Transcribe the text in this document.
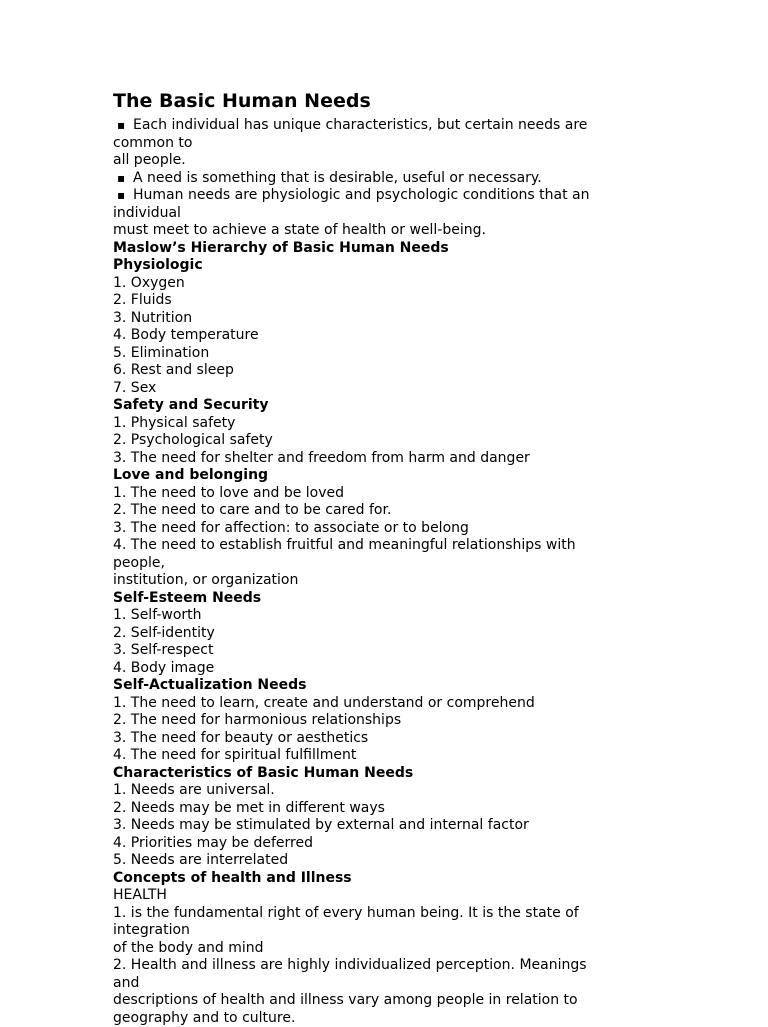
The Basic Human Needs
▪ Each individual has unique characteristics, but certain needs are
common to
all people.
▪ A need is something that is desirable, useful or necessary.
▪ Human needs are physiologic and psychologic conditions that an
individual
must meet to achieve a state of health or well-being.
Maslow’s Hierarchy of Basic Human Needs
Physiologic
1. Oxygen
2. Fluids
3. Nutrition
4. Body temperature
5. Elimination
6. Rest and sleep
7. Sex
Safety and Security
1. Physical safety
2. Psychological safety
3. The need for shelter and freedom from harm and danger
Love and belonging
1. The need to love and be loved
2. The need to care and to be cared for.
3. The need for affection: to associate or to belong
4. The need to establish fruitful and meaningful relationships with
people,
institution, or organization
Self-Esteem Needs
1. Self-worth
2. Self-identity
3. Self-respect
4. Body image
Self-Actualization Needs
1. The need to learn, create and understand or comprehend
2. The need for harmonious relationships
3. The need for beauty or aesthetics
4. The need for spiritual fulfillment
Characteristics of Basic Human Needs
1. Needs are universal.
2. Needs may be met in different ways
3. Needs may be stimulated by external and internal factor
4. Priorities may be deferred
5. Needs are interrelated
Concepts of health and Illness
HEALTH
1. is the fundamental right of every human being. It is the state of
integration
of the body and mind
2. Health and illness are highly individualized perception. Meanings
and
descriptions of health and illness vary among people in relation to
geography and to culture.
